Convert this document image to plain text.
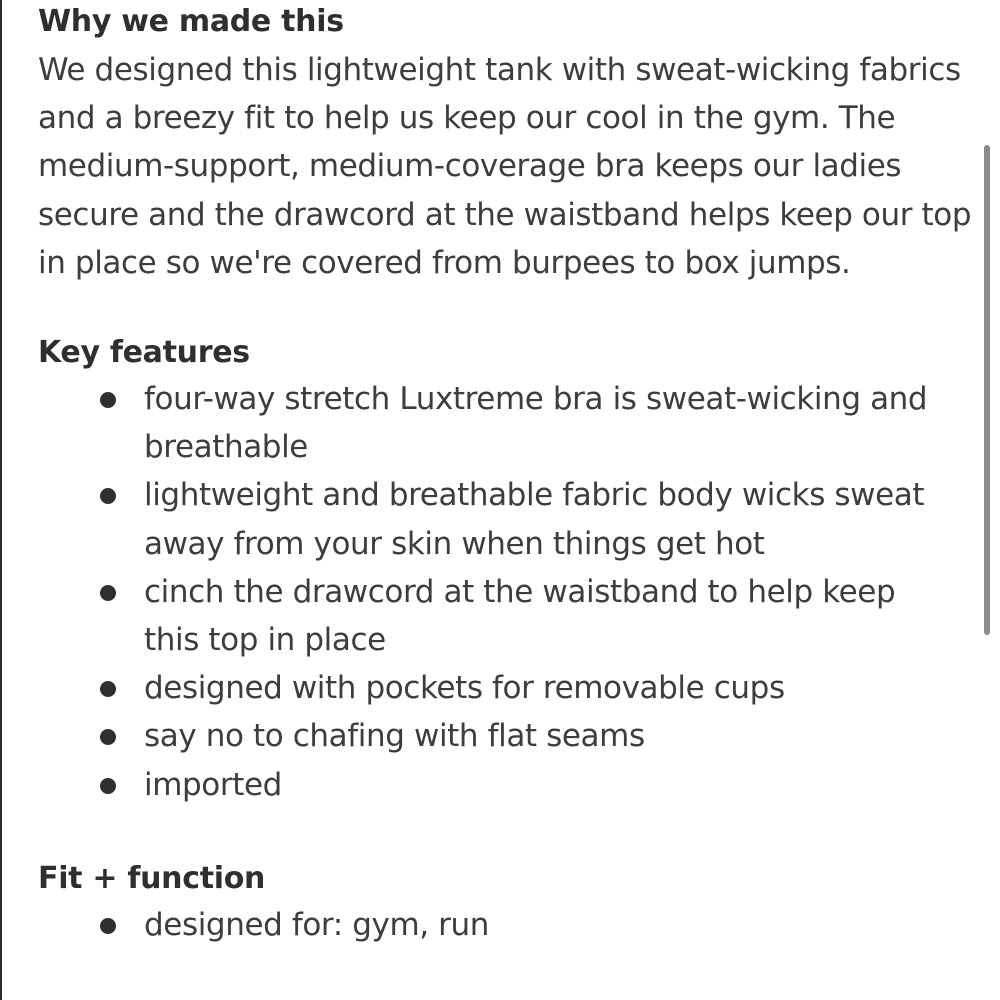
Why we made this

We designed this lightweight tank with sweat-wicking fabrics and a breezy fit to help us keep our cool in the gym. The medium-support, medium-coverage bra keeps our ladies secure and the drawcord at the waistband helps keep our top in place so we're covered from burpees to box jumps.

Key features
four-way stretch Luxtreme bra is sweat-wicking and breathable
lightweight and breathable fabric body wicks sweat away from your skin when things get hot
cinch the drawcord at the waistband to help keep this top in place
designed with pockets for removable cups
say no to chafing with flat seams
imported
Fit + function
designed for: gym, run
